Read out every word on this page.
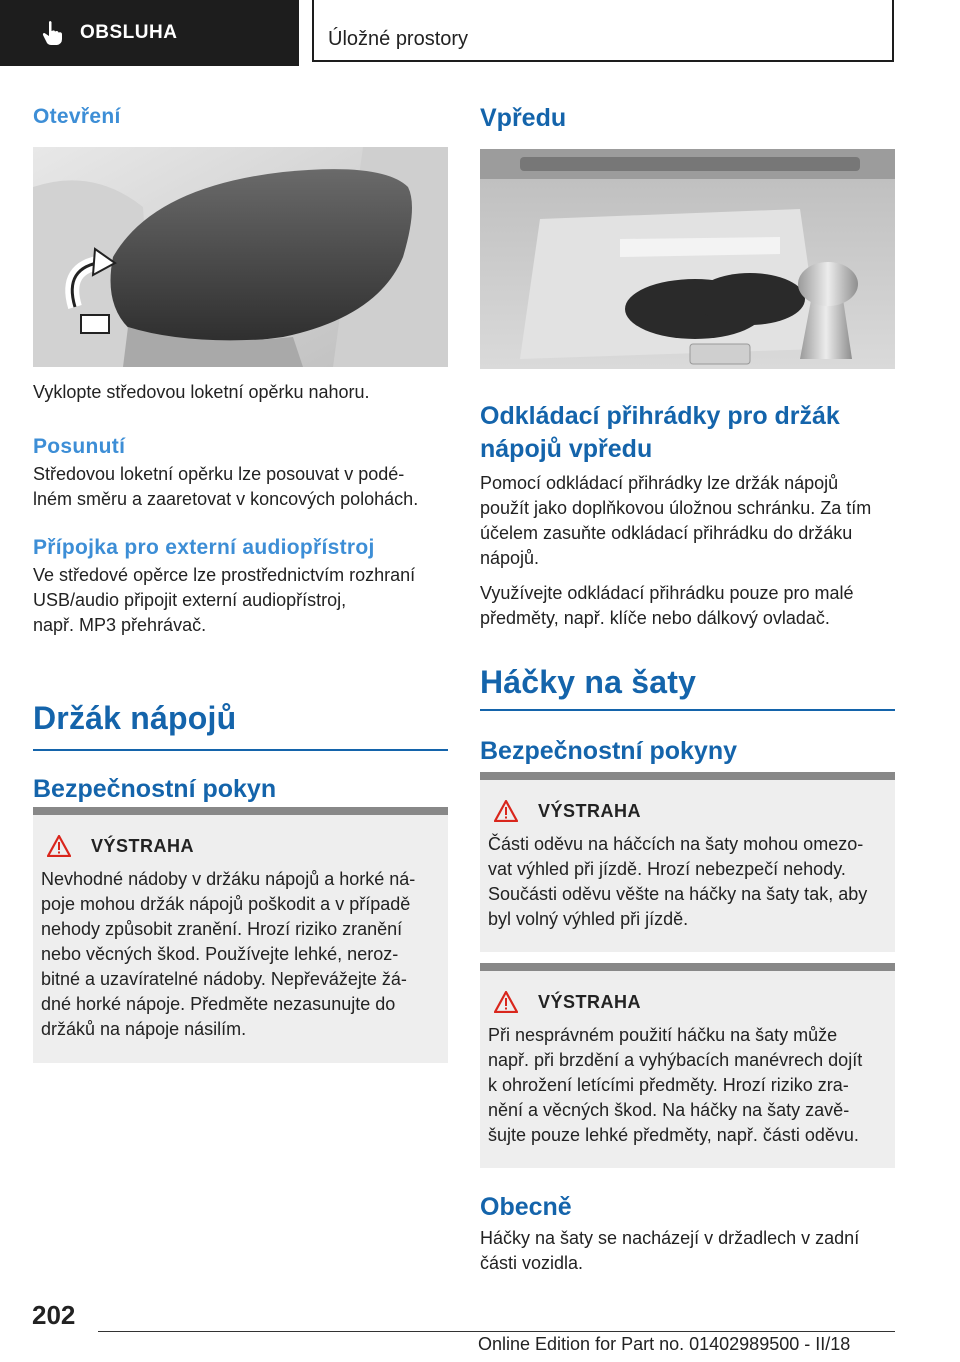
OBSLUHA	Úložné prostory
Otevření

Vyklopte středovou loketní opěrku nahoru.

Posunutí

Středovou loketní opěrku lze posouvat v podé-

lném směru a zaaretovat v koncových polohách.

Přípojka pro externí audiopřístroj

Ve středové opěrce lze prostřednictvím rozhraní

USB/audio připojit externí audiopřístroj,

např. MP3 přehrávač.

Držák nápojů
Bezpečnostní pokyn
VÝSTRAHA

Nevhodné nádoby v držáku nápojů a horké ná-

poje mohou držák nápojů poškodit a v případě

nehody způsobit zranění. Hrozí riziko zranění

nebo věcných škod. Používejte lehké, neroz-

bitné a uzavíratelné nádoby. Nepřevážejte žá-

dné horké nápoje. Předměte nezasunujte do

držáků na nápoje násilím.

Vpředu
Odkládací přihrádky pro držák
nápojů vpředu

Pomocí odkládací přihrádky lze držák nápojů

použít jako doplňkovou úložnou schránku. Za tím

účelem zasuňte odkládací přihrádku do držáku

nápojů.

Využívejte odkládací přihrádku pouze pro malé

předměty, např. klíče nebo dálkový ovladač.

Háčky na šaty
Bezpečnostní pokyny
VÝSTRAHA

Části oděvu na háčcích na šaty mohou omezo-

vat výhled při jízdě. Hrozí nebezpečí nehody.

Součásti oděvu věšte na háčky na šaty tak, aby

byl volný výhled při jízdě.

VÝSTRAHA

Při nesprávném použití háčku na šaty může

např. při brzdění a vyhýbacích manévrech dojít

k ohrožení letícími předměty. Hrozí riziko zra-

nění a věcných škod. Na háčky na šaty zavě-

šujte pouze lehké předměty, např. části oděvu.

Obecně

Háčky na šaty se nacházejí v držadlech v zadní

části vozidla.

202
Online Edition for Part no. 01402989500 - II/18
